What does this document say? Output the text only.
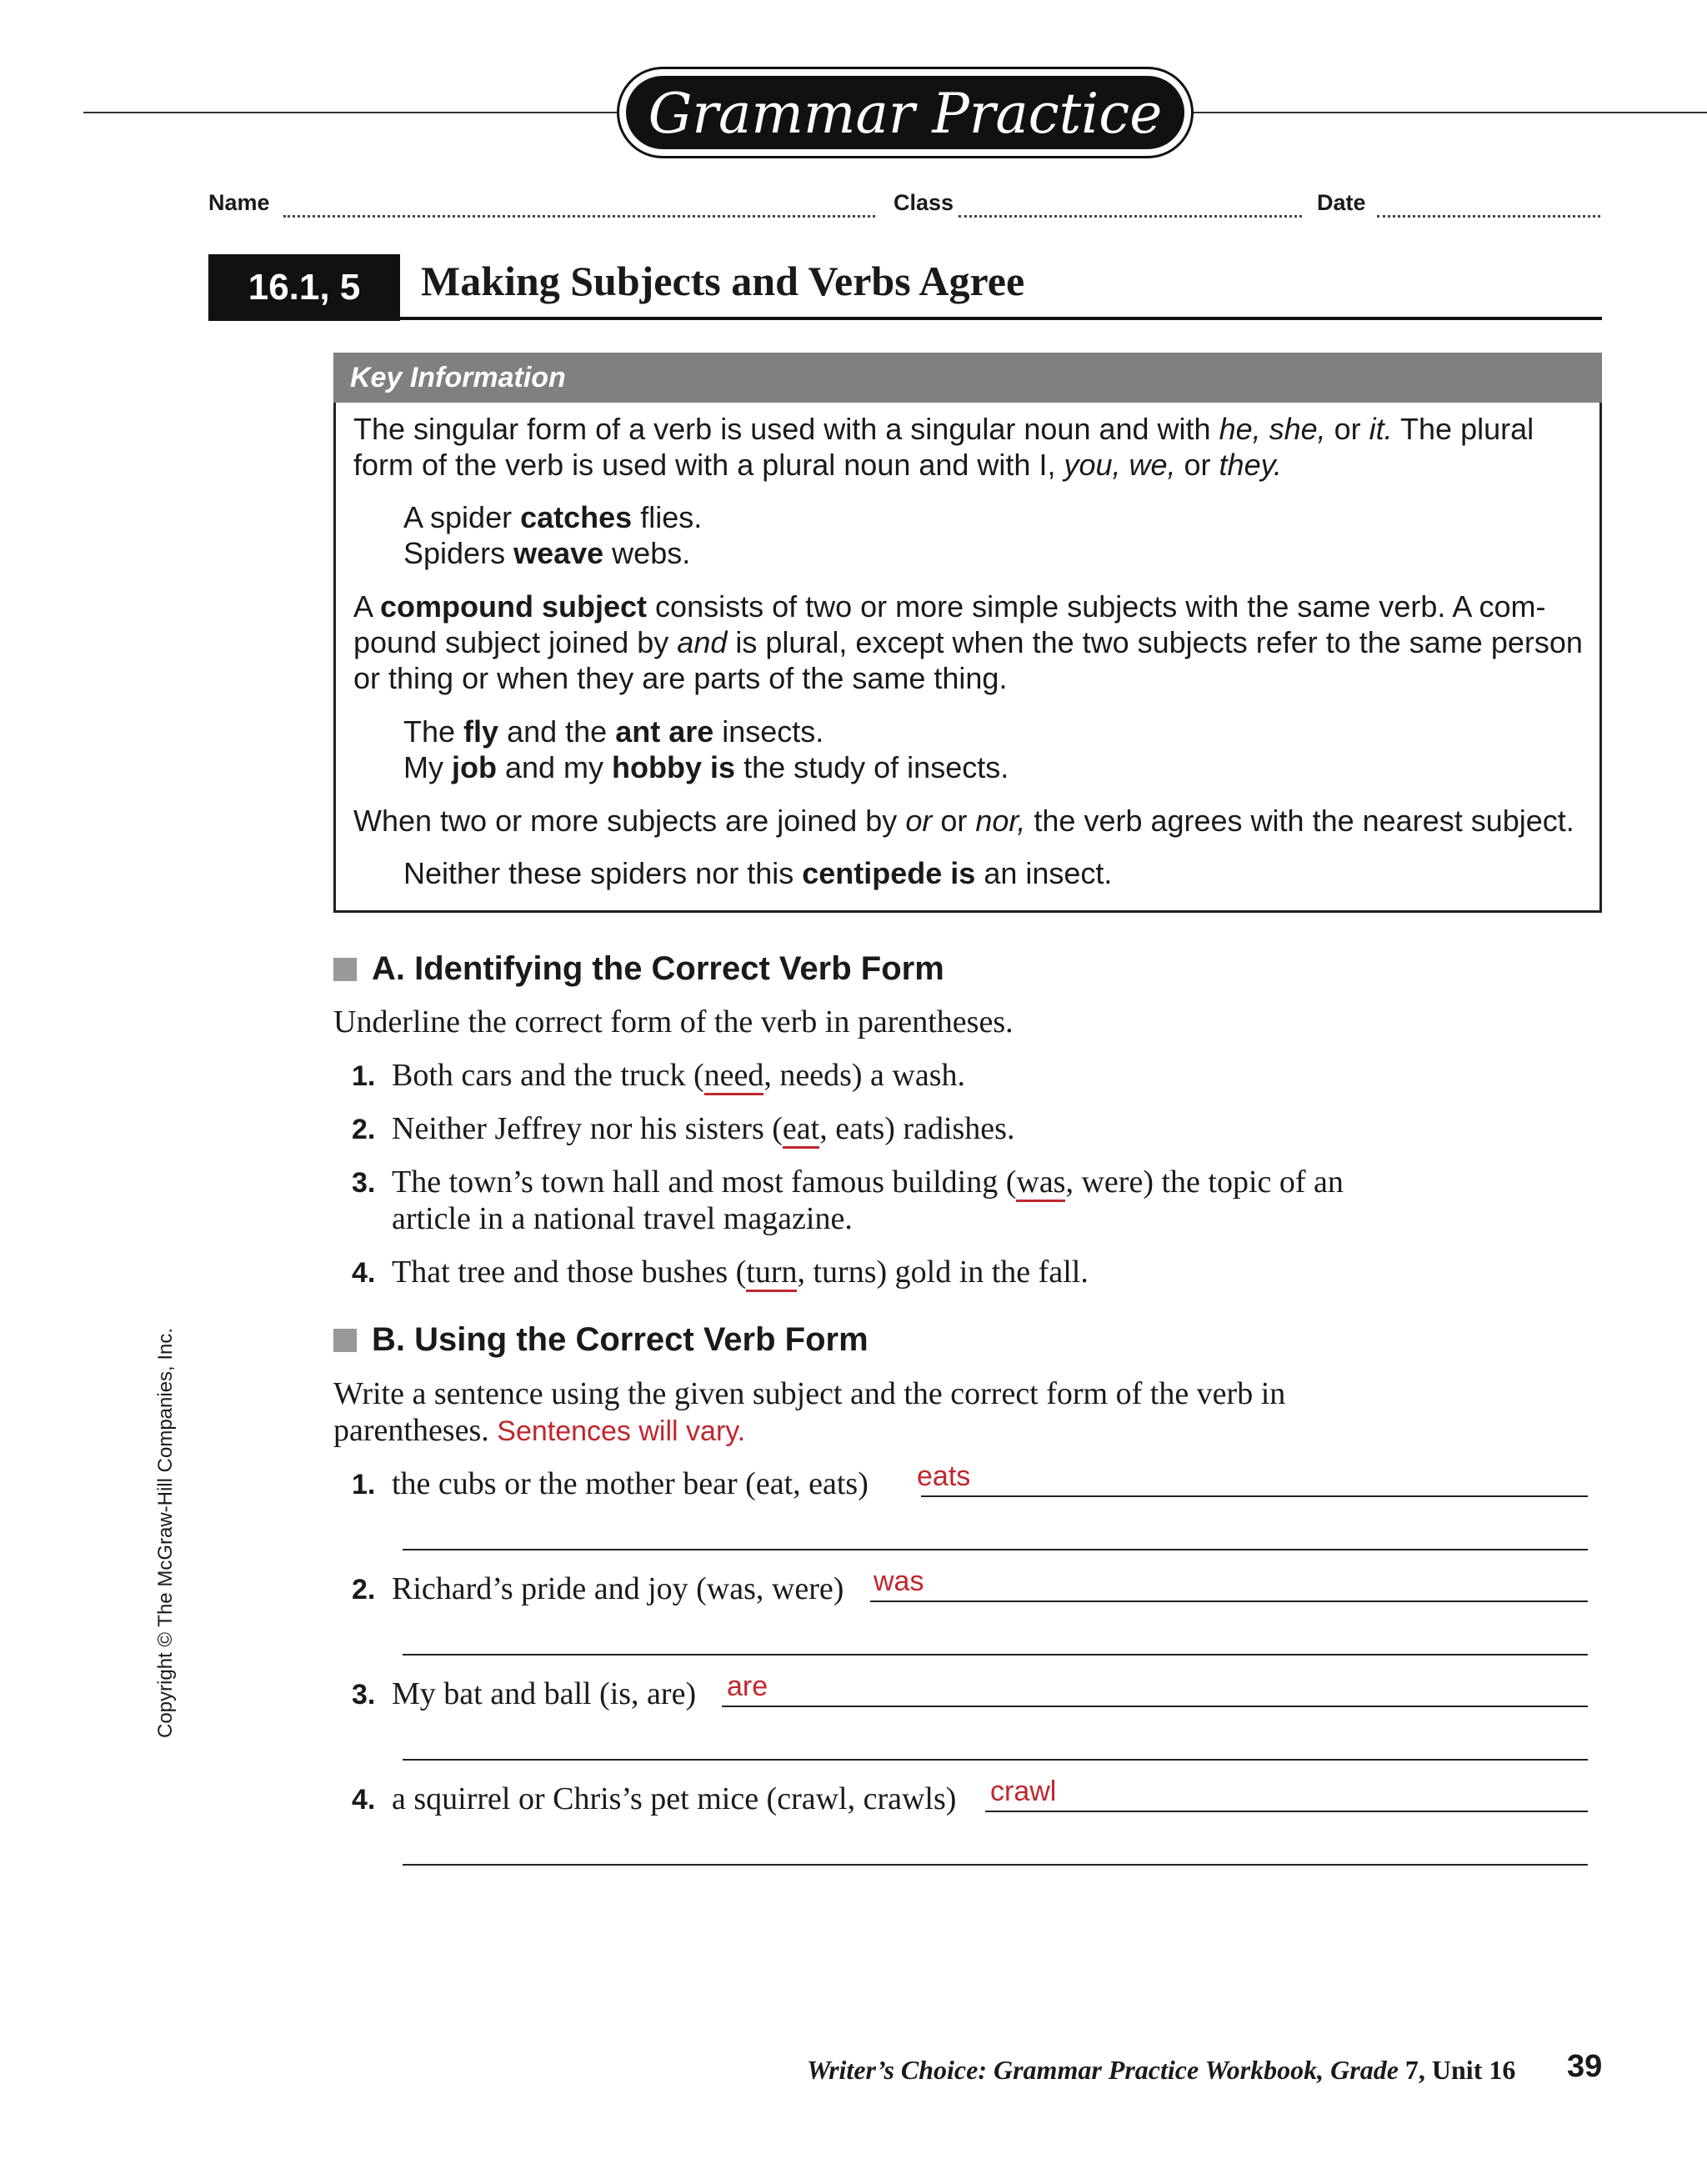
Grammar Practice
Name	Class	Date
16.1, 5	Making Subjects and Verbs Agree
Key Information
The singular form of a verb is used with a singular noun and with he, she, or it. The plural
form of the verb is used with a plural noun and with I, you, we, or they.
A spider catches flies.
Spiders weave webs.
A compound subject consists of two or more simple subjects with the same verb. A com-
pound subject joined by and is plural, except when the two subjects refer to the same person
or thing or when they are parts of the same thing.
The fly and the ant are insects.
My job and my hobby is the study of insects.
When two or more subjects are joined by or or nor, the verb agrees with the nearest subject.
Neither these spiders nor this centipede is an insect.
A. Identifying the Correct Verb Form
Underline the correct form of the verb in parentheses.
1. Both cars and the truck (need, needs) a wash.
2. Neither Jeffrey nor his sisters (eat, eats) radishes.
3. The town’s town hall and most famous building (was, were) the topic of an
article in a national travel magazine.
4. That tree and those bushes (turn, turns) gold in the fall.
B. Using the Correct Verb Form
Write a sentence using the given subject and the correct form of the verb in
parentheses. Sentences will vary.
1. the cubs or the mother bear (eat, eats) eats
2. Richard’s pride and joy (was, were) was
3. My bat and ball (is, are) are
4. a squirrel or Chris’s pet mice (crawl, crawls) crawl
Copyright © The McGraw-Hill Companies, Inc.
Writer’s Choice: Grammar Practice Workbook, Grade 7, Unit 16 39
